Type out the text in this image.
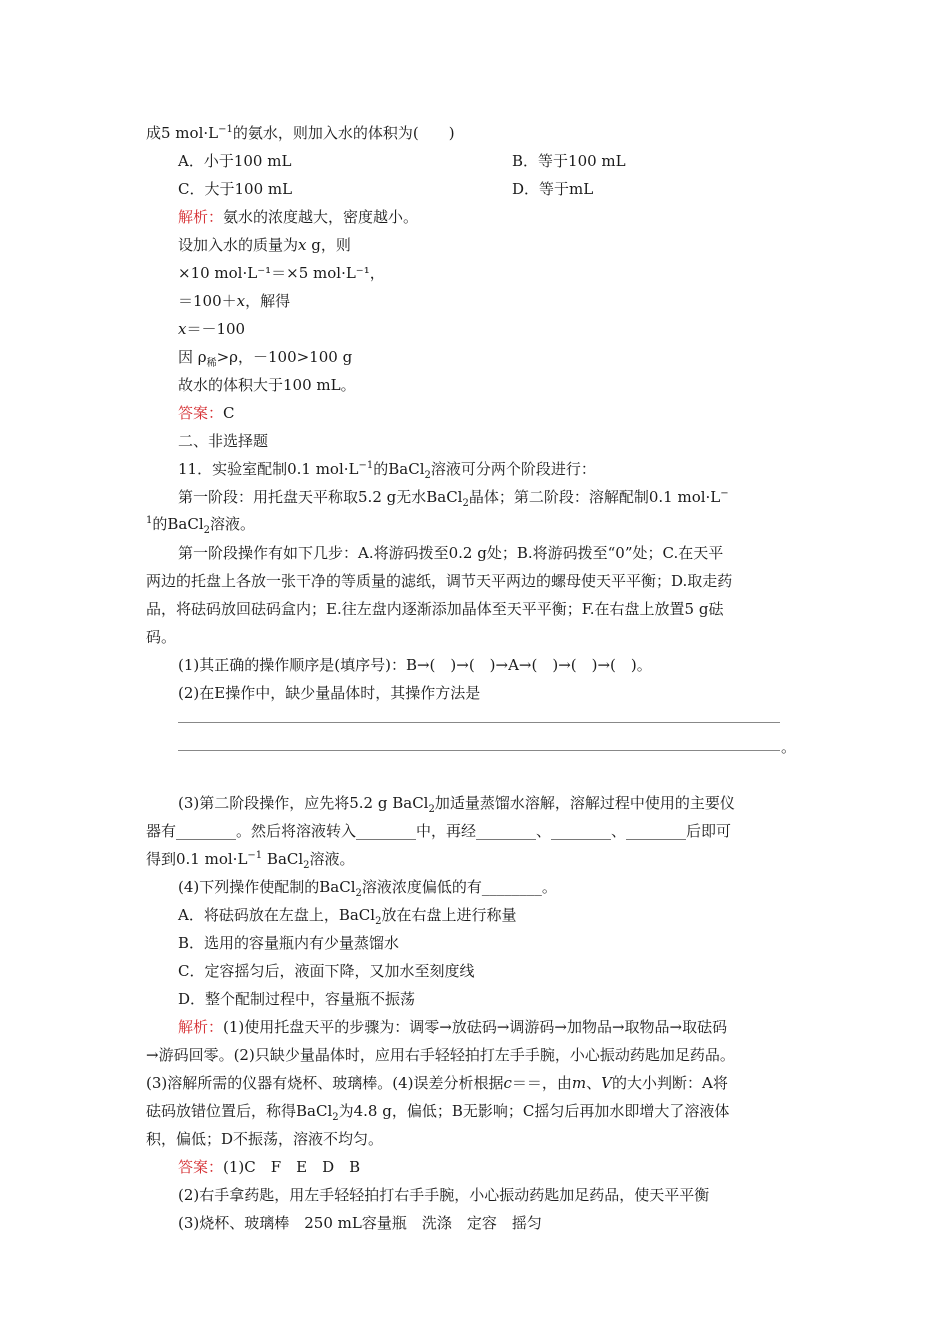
成5 $mol\cdot L^{-1}$的氨水，则加入水的体积为(　　)
A．小于100 mL	B．等于100 mL
C．大于100 mL	D．等于mL
解析：氨水的浓度越大，密度越小。
设加入水的质量为x g，则
×10 mol·L⁻¹＝×5 mol·L⁻¹，
＝100＋x，解得
x＝－100
因 $\rho_稀>\rho$，－100>100 g
故水的体积大于100 mL。
答案：C
二、非选择题
11．实验室配制0.1 $mol\cdot L^{-1}$的BaCl$_2$溶液可分两个阶段进行：
第一阶段：用托盘天平称取5.2 g无水BaCl$_2$晶体；第二阶段：溶解配制0.1 mol·L−
$^1$的BaCl$_2$溶液。
第一阶段操作有如下几步：A.将游码拨至0.2 g处；B.将游码拨至“0”处；C.在天平
两边的托盘上各放一张干净的等质量的滤纸，调节天平两边的螺母使天平平衡；D.取走药
品，将砝码放回砝码盒内；E.往左盘内逐渐添加晶体至天平平衡；F.在右盘上放置5 g砝
码。
(1)其正确的操作顺序是(填序号)：B→(　)→(　)→A→(　)→(　)→(　)。
(2)在E操作中，缺少量晶体时，其操作方法是
。
(3)第二阶段操作，应先将5.2 g BaCl$_2$加适量蒸馏水溶解，溶解过程中使用的主要仪
器有________。然后将溶液转入________中，再经________、________、________后即可
得到0.1 $mol\cdot L^{-1}$ BaCl$_2$溶液。
(4)下列操作使配制的BaCl$_2$溶液浓度偏低的有________。
A．将砝码放在左盘上，BaCl$_2$放在右盘上进行称量
B．选用的容量瓶内有少量蒸馏水
C．定容摇匀后，液面下降，又加水至刻度线
D．整个配制过程中，容量瓶不振荡
解析：(1)使用托盘天平的步骤为：调零→放砝码→调游码→加物品→取物品→取砝码
→游码回零。(2)只缺少量晶体时，应用右手轻轻拍打左手手腕，小心振动药匙加足药品。
(3)溶解所需的仪器有烧杯、玻璃棒。(4)误差分析根据c＝＝，由m、V的大小判断：A将
砝码放错位置后，称得BaCl$_2$为4.8 g，偏低；B无影响；C摇匀后再加水即增大了溶液体
积，偏低；D不振荡，溶液不均匀。
答案：(1)C　F　E　D　B
(2)右手拿药匙，用左手轻轻拍打右手手腕，小心振动药匙加足药品，使天平平衡
(3)烧杯、玻璃棒　250 mL容量瓶　洗涤　定容　摇匀
